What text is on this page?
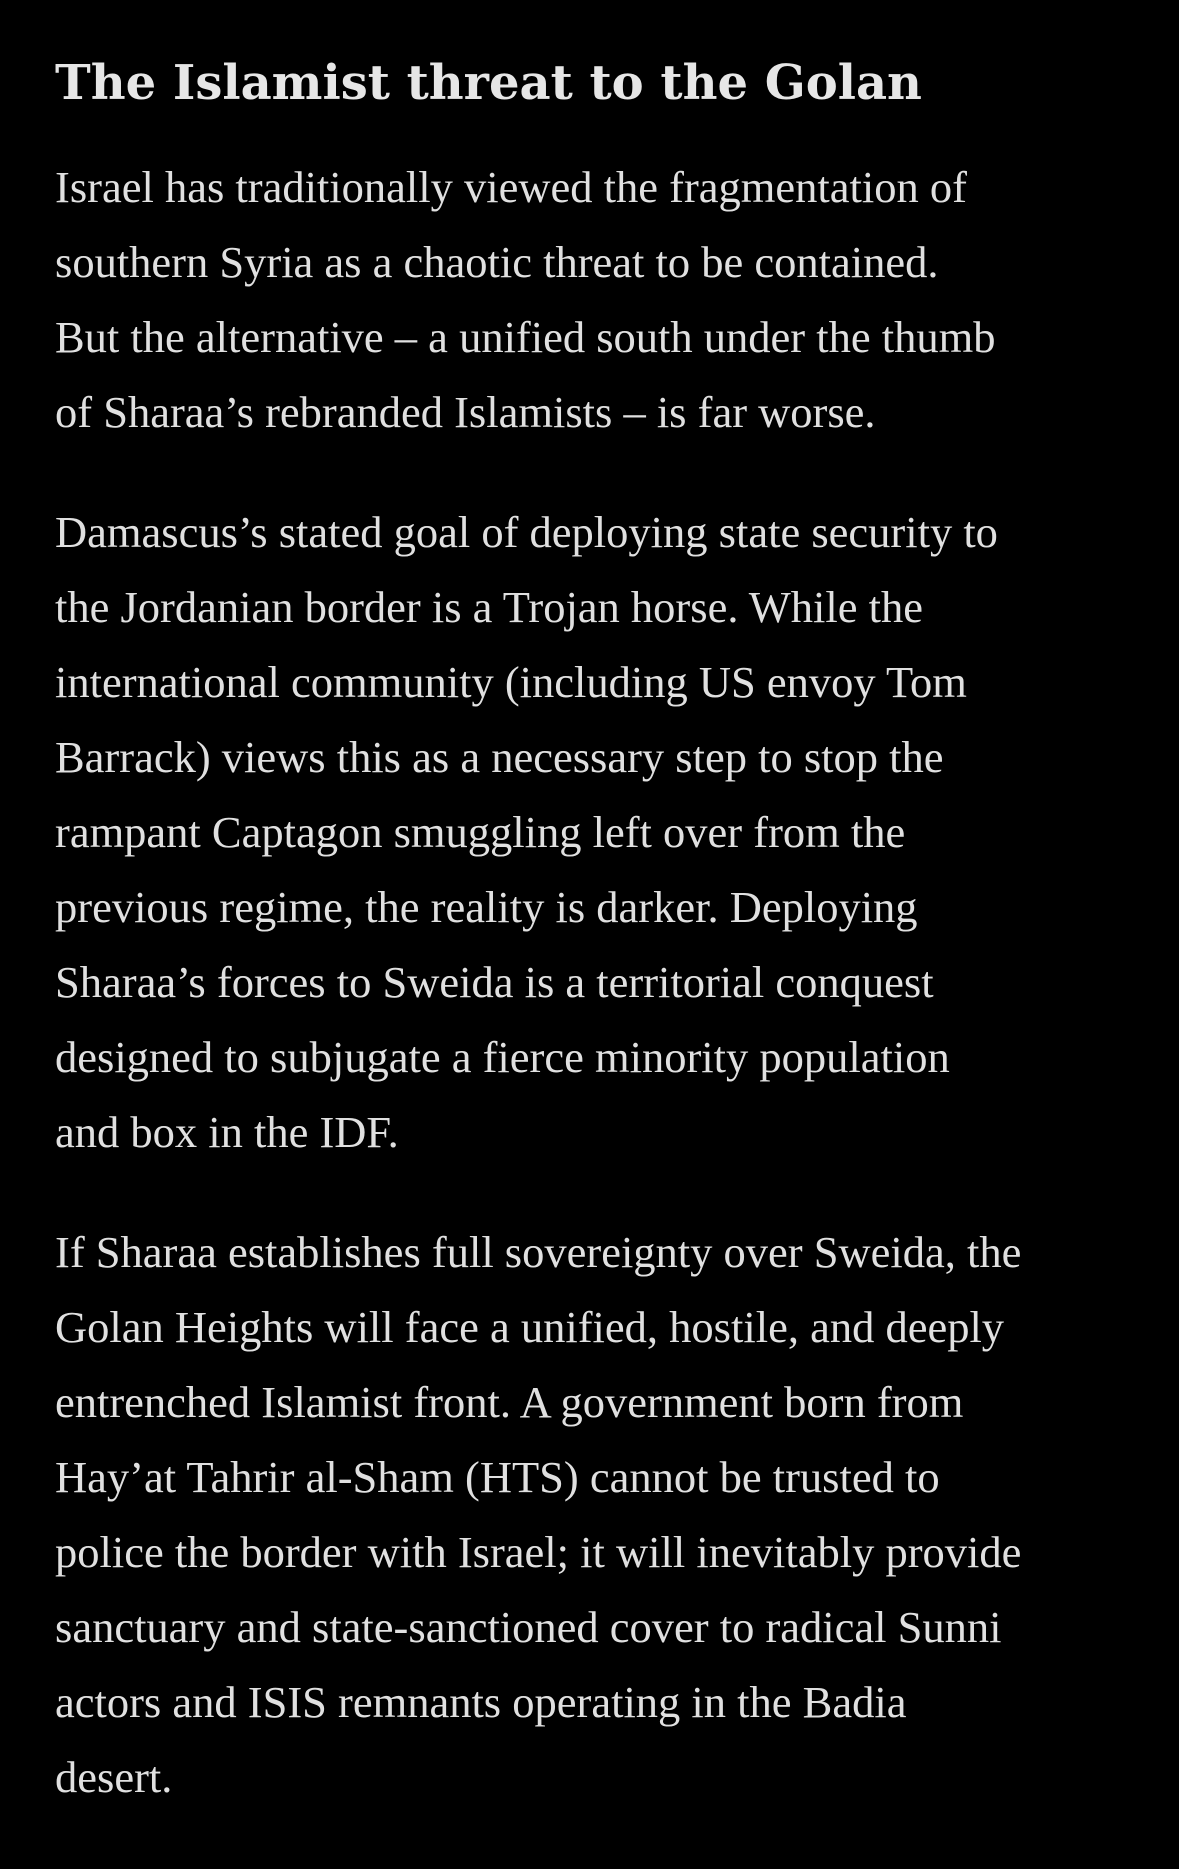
The Islamist threat to the Golan

Israel has traditionally viewed the fragmentation of
southern Syria as a chaotic threat to be contained.
But the alternative – a unified south under the thumb
of Sharaa’s rebranded Islamists – is far worse.

Damascus’s stated goal of deploying state security to
the Jordanian border is a Trojan horse. While the
international community (including US envoy Tom
Barrack) views this as a necessary step to stop the
rampant Captagon smuggling left over from the
previous regime, the reality is darker. Deploying
Sharaa’s forces to Sweida is a territorial conquest
designed to subjugate a fierce minority population
and box in the IDF.

If Sharaa establishes full sovereignty over Sweida, the
Golan Heights will face a unified, hostile, and deeply
entrenched Islamist front. A government born from
Hay’at Tahrir al-Sham (HTS) cannot be trusted to
police the border with Israel; it will inevitably provide
sanctuary and state-sanctioned cover to radical Sunni
actors and ISIS remnants operating in the Badia
desert.
